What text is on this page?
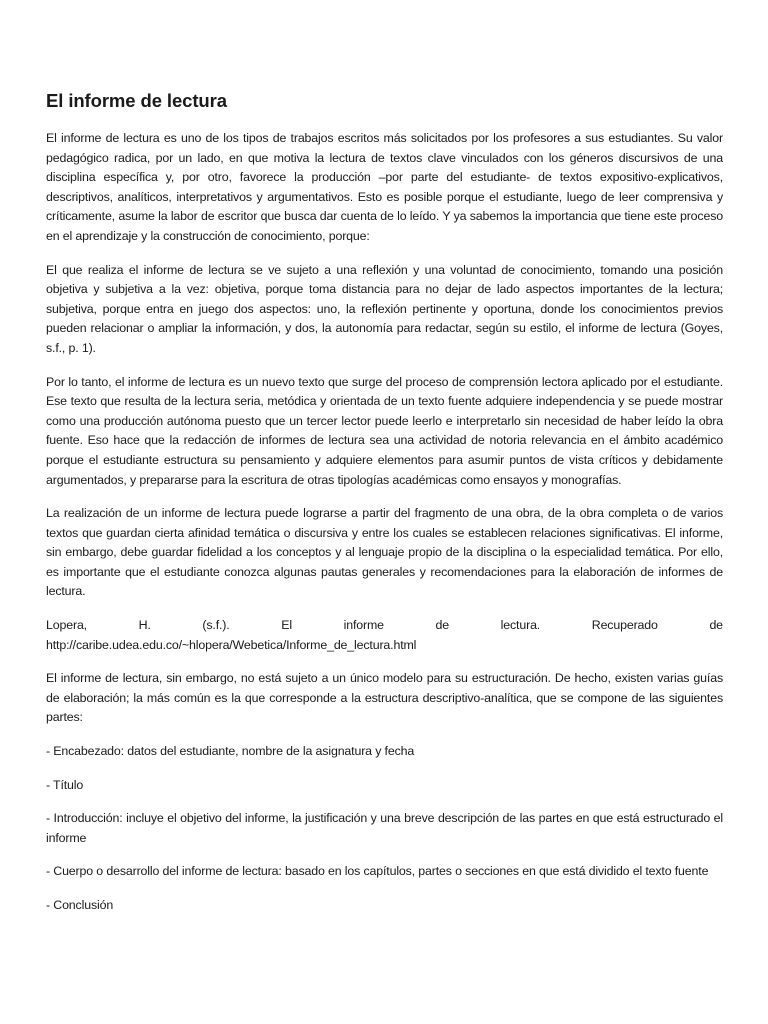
El informe de lectura

El informe de lectura es uno de los tipos de trabajos escritos más solicitados por los profesores a sus estudiantes. Su valor pedagógico radica, por un lado, en que motiva la lectura de textos clave vinculados con los géneros discursivos de una disciplina específica y, por otro, favorece la producción –por parte del estudiante- de textos expositivo-explicativos, descriptivos, analíticos, interpretativos y argumentativos. Esto es posible porque el estudiante, luego de leer comprensiva y críticamente, asume la labor de escritor que busca dar cuenta de lo leído. Y ya sabemos la importancia que tiene este proceso en el aprendizaje y la construcción de conocimiento, porque:

El que realiza el informe de lectura se ve sujeto a una reflexión y una voluntad de conocimiento, tomando una posición objetiva y subjetiva a la vez: objetiva, porque toma distancia para no dejar de lado aspectos importantes de la lectura; subjetiva, porque entra en juego dos aspectos: uno, la reflexión pertinente y oportuna, donde los conocimientos previos pueden relacionar o ampliar la información, y dos, la autonomía para redactar, según su estilo, el informe de lectura (Goyes, s.f., p. 1).

Por lo tanto, el informe de lectura es un nuevo texto que surge del proceso de comprensión lectora aplicado por el estudiante. Ese texto que resulta de la lectura seria, metódica y orientada de un texto fuente adquiere independencia y se puede mostrar como una producción autónoma puesto que un tercer lector puede leerlo e interpretarlo sin necesidad de haber leído la obra fuente. Eso hace que la redacción de informes de lectura sea una actividad de notoria relevancia en el ámbito académico porque el estudiante estructura su pensamiento y adquiere elementos para asumir puntos de vista críticos y debidamente argumentados, y prepararse para la escritura de otras tipologías académicas como ensayos y monografías.

La realización de un informe de lectura puede lograrse a partir del fragmento de una obra, de la obra completa o de varios textos que guardan cierta afinidad temática o discursiva y entre los cuales se establecen relaciones significativas. El informe, sin embargo, debe guardar fidelidad a los conceptos y al lenguaje propio de la disciplina o la especialidad temática. Por ello, es importante que el estudiante conozca algunas pautas generales y recomendaciones para la elaboración de informes de lectura.

Lopera,	H.	(s.f.).	El	informe	de	lectura.	Recuperado	de
http://caribe.udea.edu.co/~hlopera/Webetica/Informe_de_lectura.html

El informe de lectura, sin embargo, no está sujeto a un único modelo para su estructuración. De hecho, existen varias guías de elaboración; la más común es la que corresponde a la estructura descriptivo-analítica, que se compone de las siguientes partes:

- Encabezado: datos del estudiante, nombre de la asignatura y fecha

- Título

- Introducción: incluye el objetivo del informe, la justificación y una breve descripción de las partes en que está estructurado el informe

- Cuerpo o desarrollo del informe de lectura: basado en los capítulos, partes o secciones en que está dividido el texto fuente

- Conclusión
